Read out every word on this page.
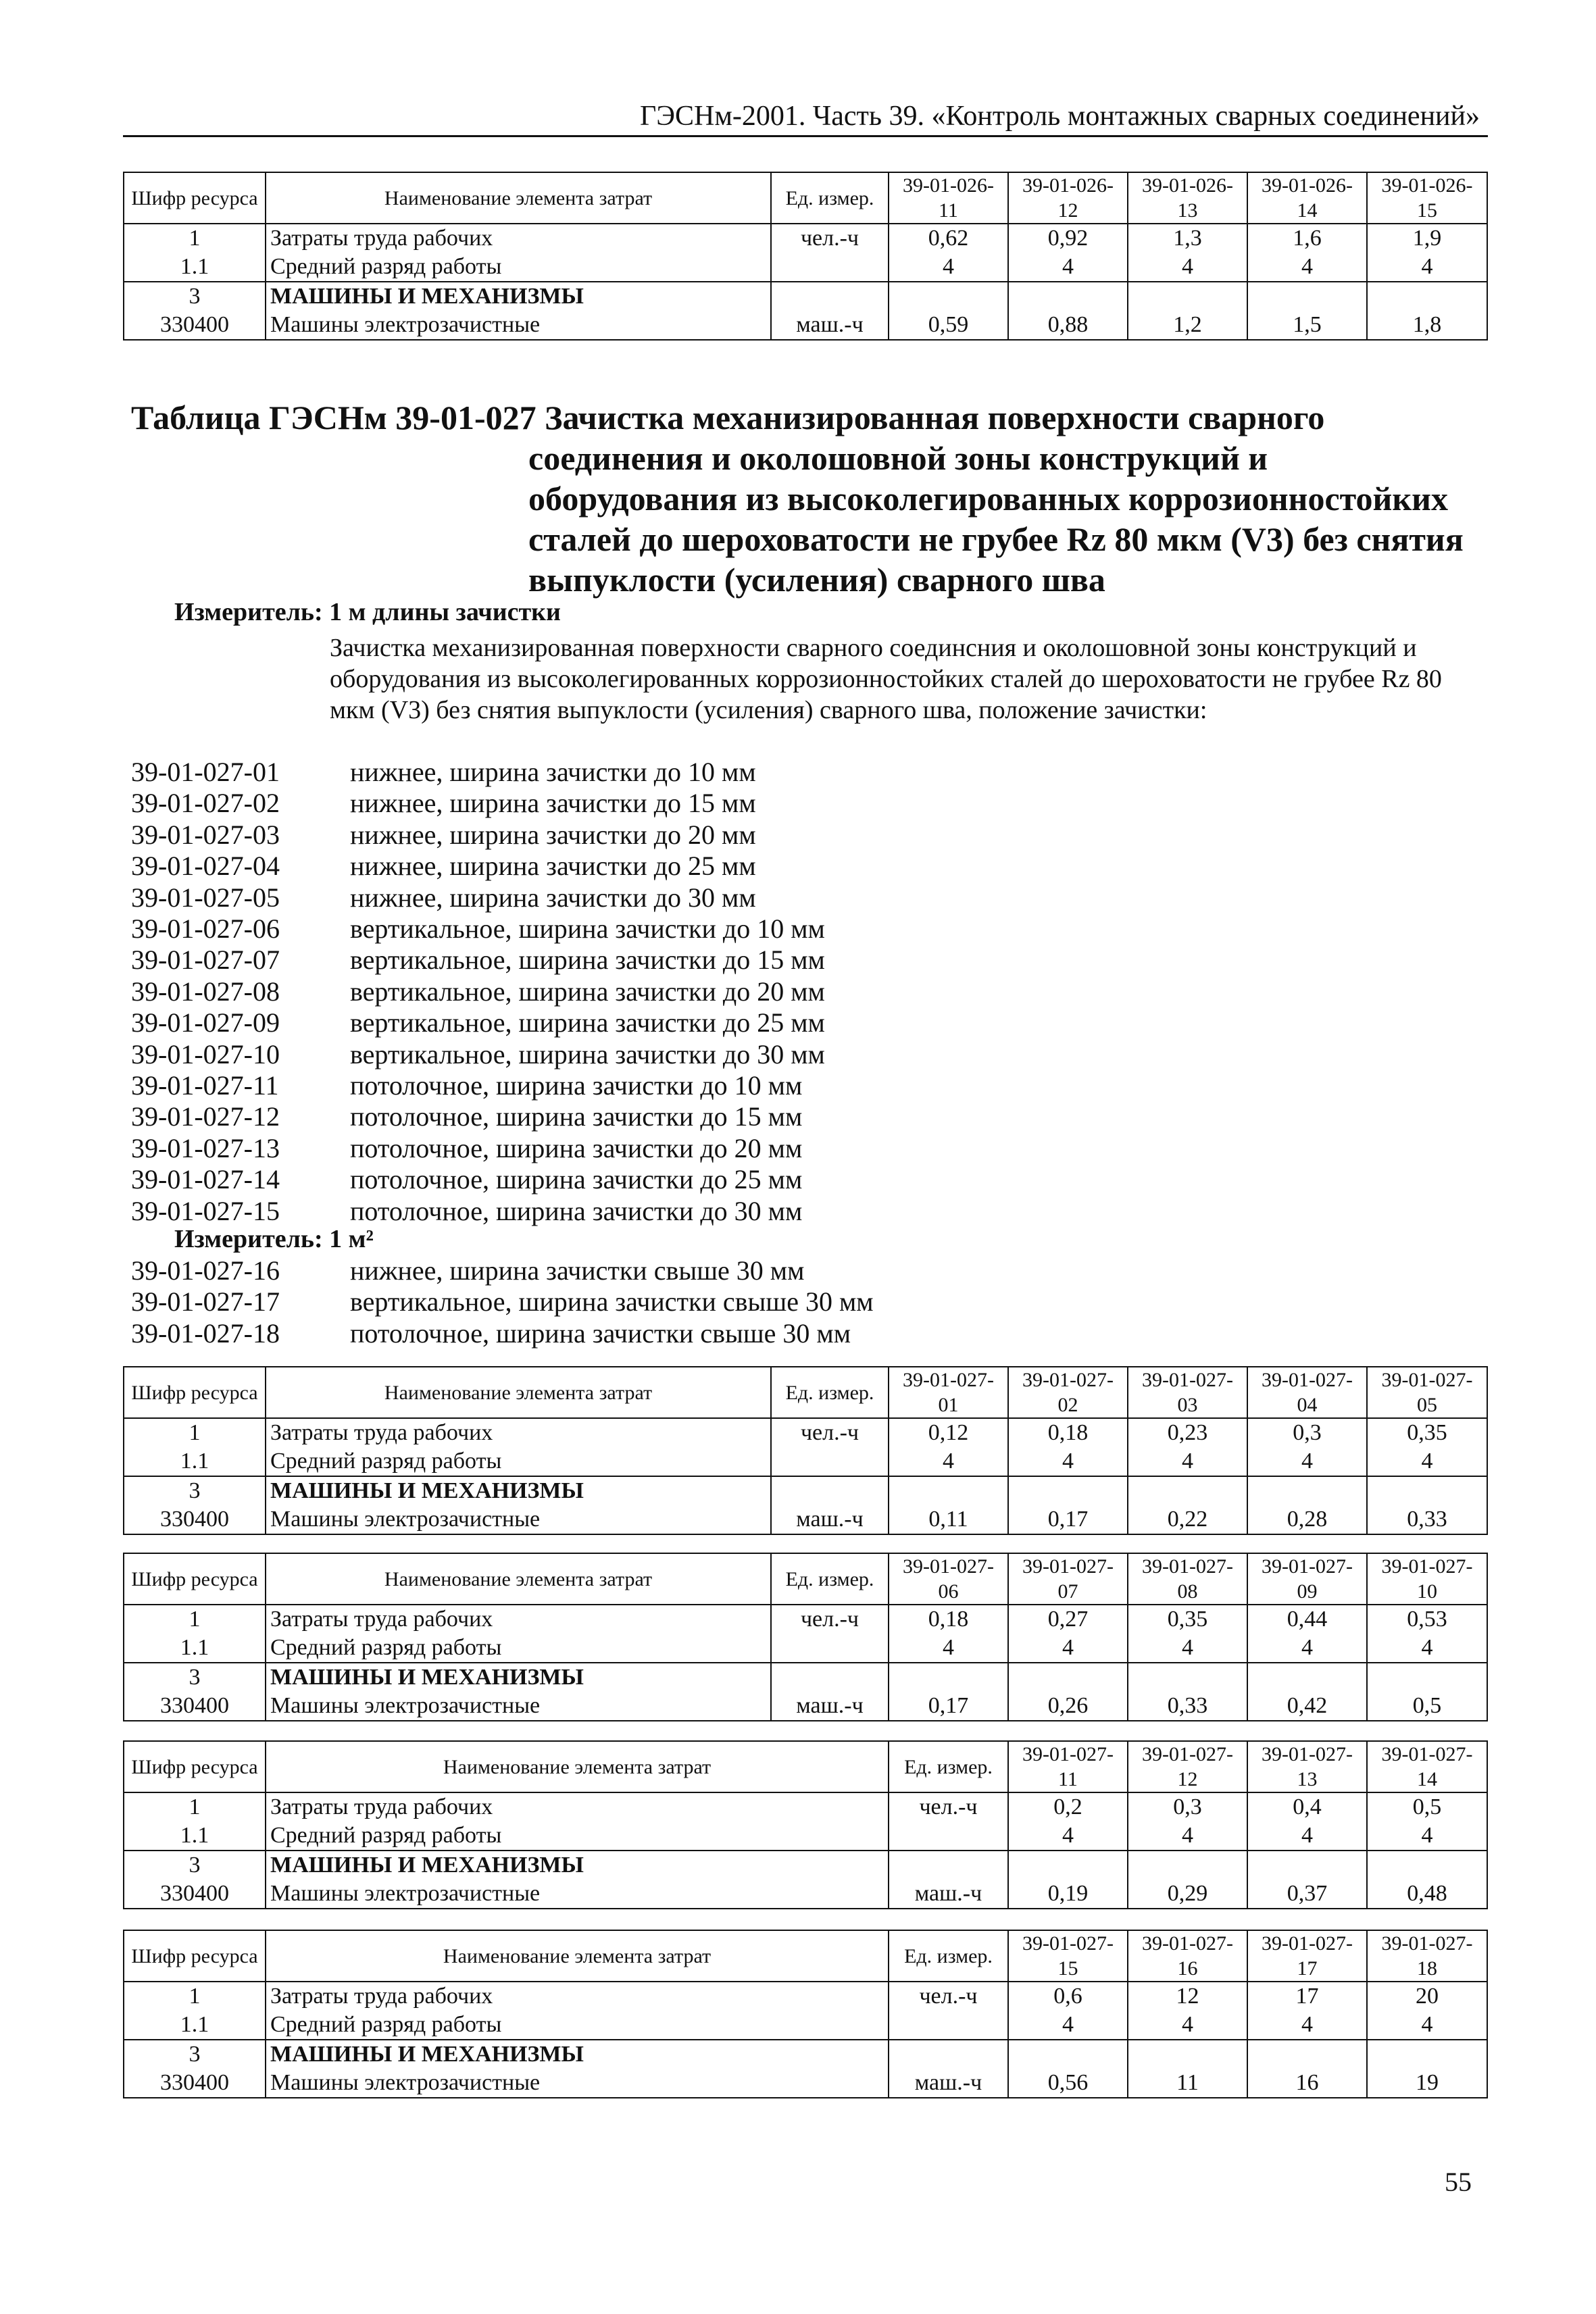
ГЭСНм-2001. Часть 39. «Контроль монтажных сварных соединений»
Шифр ресурса	Наименование элемента затрат	Ед. измер.	39-01-026-11	39-01-026-12	39-01-026-13	39-01-026-14	39-01-026-15
1	Затраты труда рабочих	чел.-ч	0,62	0,92	1,3	1,6	1,9
1.1	Средний разряд работы		4	4	4	4	4
3	МАШИНЫ И МЕХАНИЗМЫ						
330400	Машины электрозачистные	маш.-ч	0,59	0,88	1,2	1,5	1,8
Таблица ГЭСНм 39-01-027 Зачистка механизированная поверхности сварного
соединения и околошовной зоны конструкций и
оборудования из высоколегированных коррозионностойких
сталей до шероховатости не грубее Rz 80 мкм (V3) без снятия
выпуклости (усиления) сварного шва
Измеритель: 1 м длины зачистки
Зачистка механизированная поверхности сварного соединсния и околошовной зоны конструкций и оборудования из высоколегированных коррозионностойких сталей до шероховатости не грубее Rz 80 мкм (V3) без снятия выпуклости (усиления) сварного шва, положение зачистки:
39-01-027-01	нижнее, ширина зачистки до 10 мм
39-01-027-02	нижнее, ширина зачистки до 15 мм
39-01-027-03	нижнее, ширина зачистки до 20 мм
39-01-027-04	нижнее, ширина зачистки до 25 мм
39-01-027-05	нижнее, ширина зачистки до 30 мм
39-01-027-06	вертикальное, ширина зачистки до 10 мм
39-01-027-07	вертикальное, ширина зачистки до 15 мм
39-01-027-08	вертикальное, ширина зачистки до 20 мм
39-01-027-09	вертикальное, ширина зачистки до 25 мм
39-01-027-10	вертикальное, ширина зачистки до 30 мм
39-01-027-11	потолочное, ширина зачистки до 10 мм
39-01-027-12	потолочное, ширина зачистки до 15 мм
39-01-027-13	потолочное, ширина зачистки до 20 мм
39-01-027-14	потолочное, ширина зачистки до 25 мм
39-01-027-15	потолочное, ширина зачистки до 30 мм
Измеритель: 1 м²
39-01-027-16	нижнее, ширина зачистки свыше 30 мм
39-01-027-17	вертикальное, ширина зачистки свыше 30 мм
39-01-027-18	потолочное, ширина зачистки свыше 30 мм
Шифр ресурса	Наименование элемента затрат	Ед. измер.	39-01-027-01	39-01-027-02	39-01-027-03	39-01-027-04	39-01-027-05
1	Затраты труда рабочих	чел.-ч	0,12	0,18	0,23	0,3	0,35
1.1	Средний разряд работы		4	4	4	4	4
3	МАШИНЫ И МЕХАНИЗМЫ						
330400	Машины электрозачистные	маш.-ч	0,11	0,17	0,22	0,28	0,33
Шифр ресурса	Наименование элемента затрат	Ед. измер.	39-01-027-06	39-01-027-07	39-01-027-08	39-01-027-09	39-01-027-10
1	Затраты труда рабочих	чел.-ч	0,18	0,27	0,35	0,44	0,53
1.1	Средний разряд работы		4	4	4	4	4
3	МАШИНЫ И МЕХАНИЗМЫ						
330400	Машины электрозачистные	маш.-ч	0,17	0,26	0,33	0,42	0,5
Шифр ресурса	Наименование элемента затрат	Ед. измер.	39-01-027-11	39-01-027-12	39-01-027-13	39-01-027-14
1	Затраты труда рабочих	чел.-ч	0,2	0,3	0,4	0,5
1.1	Средний разряд работы		4	4	4	4
3	МАШИНЫ И МЕХАНИЗМЫ					
330400	Машины электрозачистные	маш.-ч	0,19	0,29	0,37	0,48
Шифр ресурса	Наименование элемента затрат	Ед. измер.	39-01-027-15	39-01-027-16	39-01-027-17	39-01-027-18
1	Затраты труда рабочих	чел.-ч	0,6	12	17	20
1.1	Средний разряд работы		4	4	4	4
3	МАШИНЫ И МЕХАНИЗМЫ					
330400	Машины электрозачистные	маш.-ч	0,56	11	16	19
55
